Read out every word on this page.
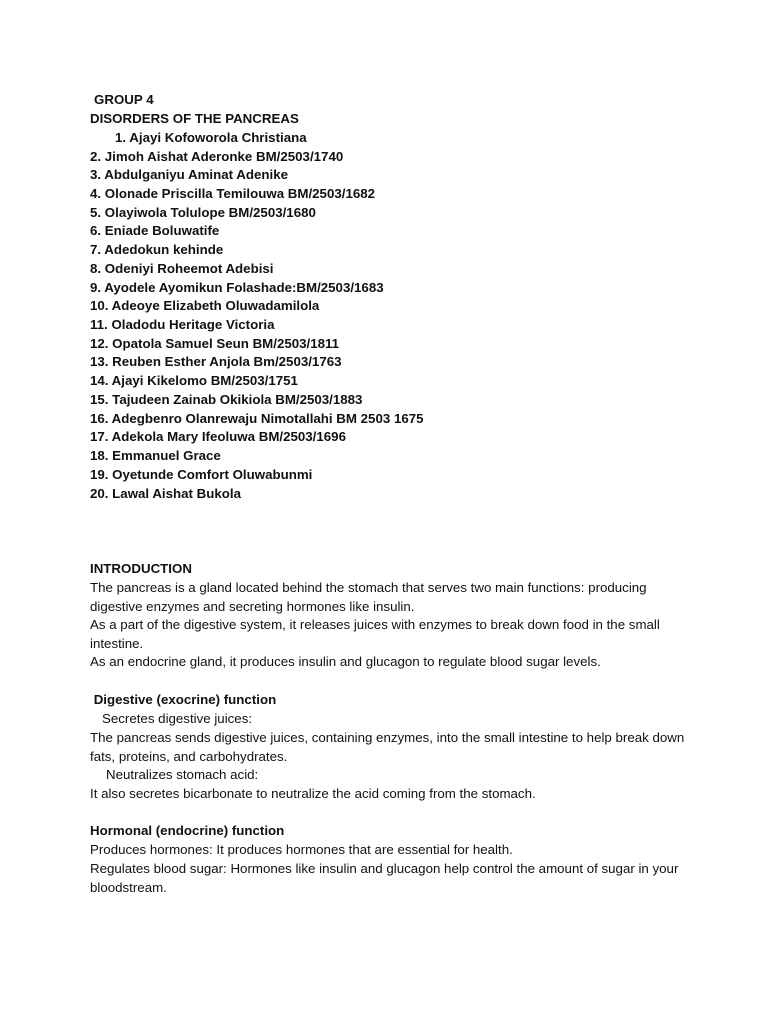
GROUP 4
DISORDERS OF THE PANCREAS
1. Ajayi Kofoworola Christiana
2. Jimoh Aishat Aderonke BM/2503/1740
3. Abdulganiyu Aminat Adenike
4. Olonade Priscilla Temilouwa BM/2503/1682
5. Olayiwola Tolulope BM/2503/1680
6. Eniade Boluwatife
7. Adedokun kehinde
8. Odeniyi Roheemot Adebisi
9. Ayodele Ayomikun Folashade:BM/2503/1683
10. Adeoye Elizabeth Oluwadamilola
11. Oladodu Heritage Victoria
12. Opatola Samuel Seun BM/2503/1811
13. Reuben Esther Anjola Bm/2503/1763
14. Ajayi Kikelomo BM/2503/1751
15. Tajudeen Zainab Okikiola BM/2503/1883
16. Adegbenro Olanrewaju Nimotallahi BM 2503 1675
17. Adekola Mary Ifeoluwa BM/2503/1696
18. Emmanuel Grace
19. Oyetunde Comfort Oluwabunmi
20. Lawal Aishat Bukola
INTRODUCTION
The pancreas is a gland located behind the stomach that serves two main functions: producing digestive enzymes and secreting hormones like insulin.
As a part of the digestive system, it releases juices with enzymes to break down food in the small intestine.
As an endocrine gland, it produces insulin and glucagon to regulate blood sugar levels.
Digestive (exocrine) function
Secretes digestive juices:
The pancreas sends digestive juices, containing enzymes, into the small intestine to help break down fats, proteins, and carbohydrates.
Neutralizes stomach acid:
It also secretes bicarbonate to neutralize the acid coming from the stomach.
Hormonal (endocrine) function
Produces hormones: It produces hormones that are essential for health.
Regulates blood sugar: Hormones like insulin and glucagon help control the amount of sugar in your bloodstream.
